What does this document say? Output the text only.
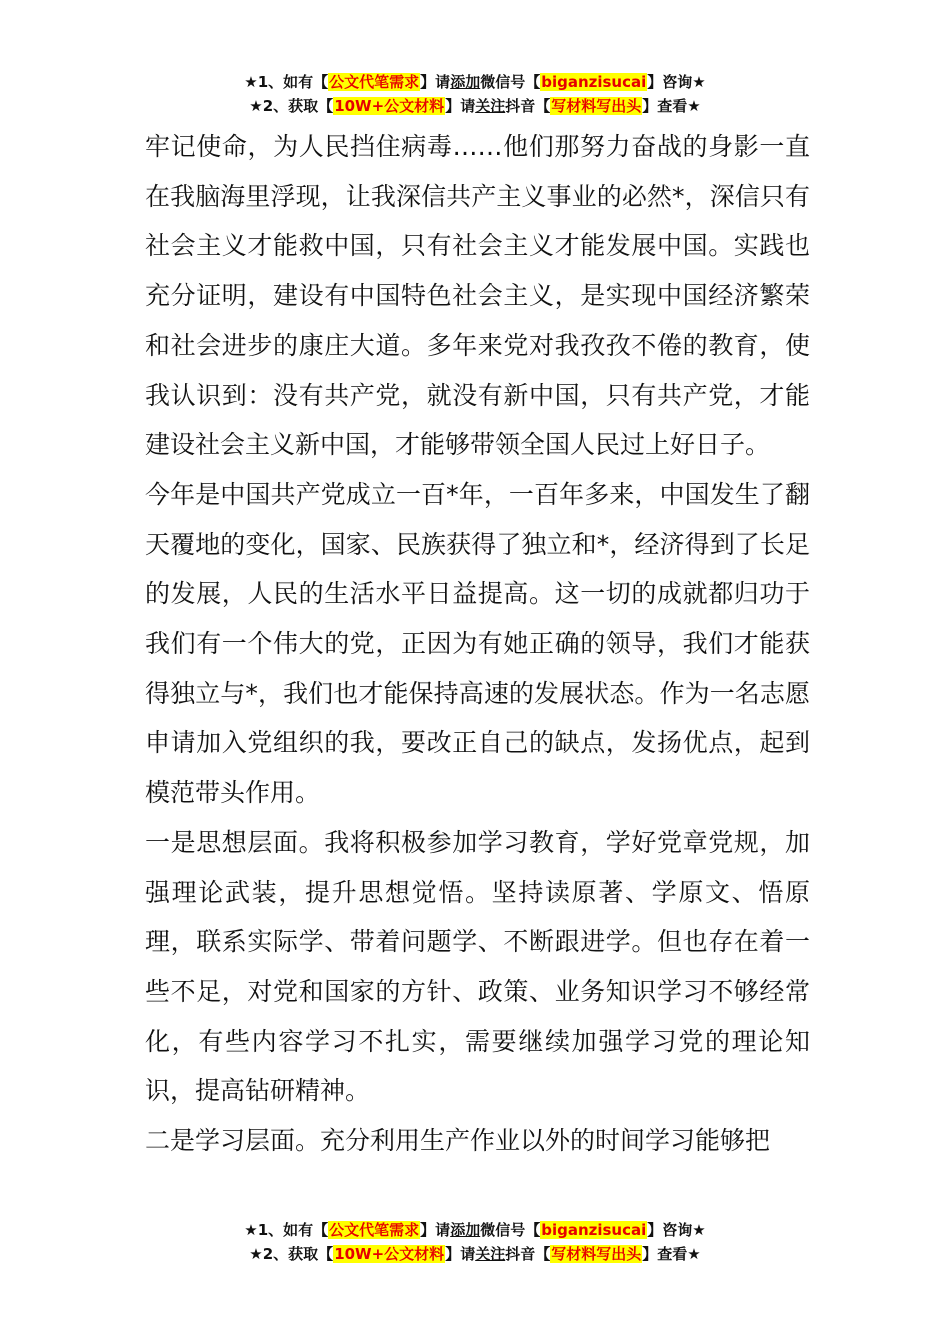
★1、如有【公文代笔需求】请添加微信号【biganzisucai】咨询★
★2、获取【10W+公文材料】请关注抖音【写材料写出头】查看★

牢记使命，为人民挡住病毒……他们那努力奋战的身影一直在我脑海里浮现，让我深信共产主义事业的必然*，深信只有社会主义才能救中国，只有社会主义才能发展中国。实践也充分证明，建设有中国特色社会主义，是实现中国经济繁荣和社会进步的康庄大道。多年来党对我孜孜不倦的教育，使我认识到：没有共产党，就没有新中国，只有共产党，才能建设社会主义新中国，才能够带领全国人民过上好日子。

今年是中国共产党成立一百*年，一百年多来，中国发生了翻天覆地的变化，国家、民族获得了独立和*，经济得到了长足的发展，人民的生活水平日益提高。这一切的成就都归功于我们有一个伟大的党，正因为有她正确的领导，我们才能获得独立与*，我们也才能保持高速的发展状态。作为一名志愿申请加入党组织的我，要改正自己的缺点，发扬优点，起到模范带头作用。

一是思想层面。我将积极参加学习教育，学好党章党规，加强理论武装，提升思想觉悟。坚持读原著、学原文、悟原理，联系实际学、带着问题学、不断跟进学。但也存在着一些不足，对党和国家的方针、政策、业务知识学习不够经常化，有些内容学习不扎实，需要继续加强学习党的理论知识，提高钻研精神。

二是学习层面。充分利用生产作业以外的时间学习能够把

★1、如有【公文代笔需求】请添加微信号【biganzisucai】咨询★
★2、获取【10W+公文材料】请关注抖音【写材料写出头】查看★
